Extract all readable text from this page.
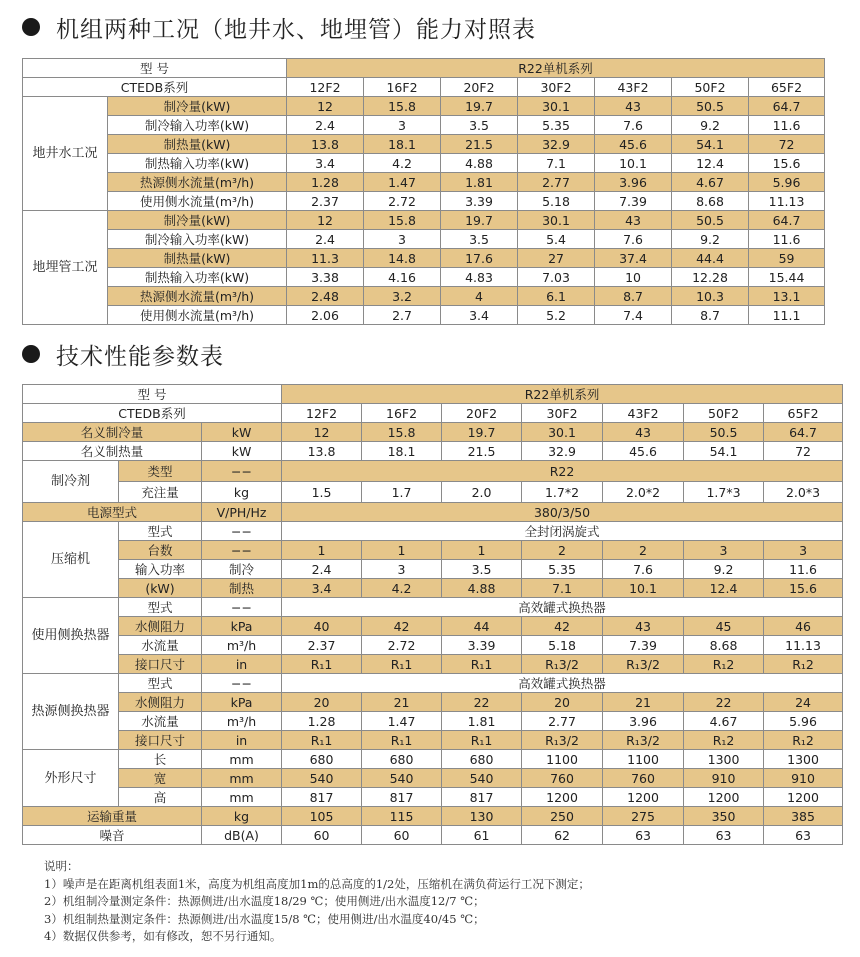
机组两种工况（地井水、地埋管）能力对照表
型 号		R22单机系列						
CTEDB系列		12F2	16F2	20F2	30F2	43F2	50F2	65F2
地井水工况	制冷量(kW)	12	15.8	19.7	30.1	43	50.5	64.7
	制冷输入功率(kW)	2.4	3	3.5	5.35	7.6	9.2	11.6
	制热量(kW)	13.8	18.1	21.5	32.9	45.6	54.1	72
	制热输入功率(kW)	3.4	4.2	4.88	7.1	10.1	12.4	15.6
	热源侧水流量(m³/h)	1.28	1.47	1.81	2.77	3.96	4.67	5.96
	使用侧水流量(m³/h)	2.37	2.72	3.39	5.18	7.39	8.68	11.13
地埋管工况	制冷量(kW)	12	15.8	19.7	30.1	43	50.5	64.7
	制冷输入功率(kW)	2.4	3	3.5	5.4	7.6	9.2	11.6
	制热量(kW)	11.3	14.8	17.6	27	37.4	44.4	59
	制热输入功率(kW)	3.38	4.16	4.83	7.03	10	12.28	15.44
	热源侧水流量(m³/h)	2.48	3.2	4	6.1	8.7	10.3	13.1
	使用侧水流量(m³/h)	2.06	2.7	3.4	5.2	7.4	8.7	11.1
技术性能参数表
型 号			R22单机系列						
CTEDB系列			12F2	16F2	20F2	30F2	43F2	50F2	65F2
名义制冷量		kW	12	15.8	19.7	30.1	43	50.5	64.7
名义制热量		kW	13.8	18.1	21.5	32.9	45.6	54.1	72
制冷剂	类型	−−	R22						
	充注量	kg	1.5	1.7	2.0	1.7*2	2.0*2	1.7*3	2.0*3
电源型式		V/PH/Hz	380/3/50						
压缩机	型式	−−	全封闭涡旋式						
	台数	−−	1	1	1	2	2	3	3
	输入功率	制冷	2.4	3	3.5	5.35	7.6	9.2	11.6
	(kW)	制热	3.4	4.2	4.88	7.1	10.1	12.4	15.6
使用侧换热器	型式	−−	高效罐式换热器						
	水侧阻力	kPa	40	42	44	42	43	45	46
	水流量	m³/h	2.37	2.72	3.39	5.18	7.39	8.68	11.13
	接口尺寸	in	R₁1	R₁1	R₁1	R₁3/2	R₁3/2	R₁2	R₁2
热源侧换热器	型式	−−	高效罐式换热器						
	水侧阻力	kPa	20	21	22	20	21	22	24
	水流量	m³/h	1.28	1.47	1.81	2.77	3.96	4.67	5.96
	接口尺寸	in	R₁1	R₁1	R₁1	R₁3/2	R₁3/2	R₁2	R₁2
外形尺寸	长	mm	680	680	680	1100	1100	1300	1300
	宽	mm	540	540	540	760	760	910	910
	高	mm	817	817	817	1200	1200	1200	1200
运输重量		kg	105	115	130	250	275	350	385
噪音		dB(A)	60	60	61	62	63	63	63
说明：
1）噪声是在距离机组表面1米，高度为机组高度加1m的总高度的1/2处，压缩机在满负荷运行工况下测定；
2）机组制冷量测定条件：热源侧进/出水温度18/29 ℃；使用侧进/出水温度12/7 ℃；
3）机组制热量测定条件：热源侧进/出水温度15/8 ℃；使用侧进/出水温度40/45 ℃；
4）数据仅供参考，如有修改，恕不另行通知。
